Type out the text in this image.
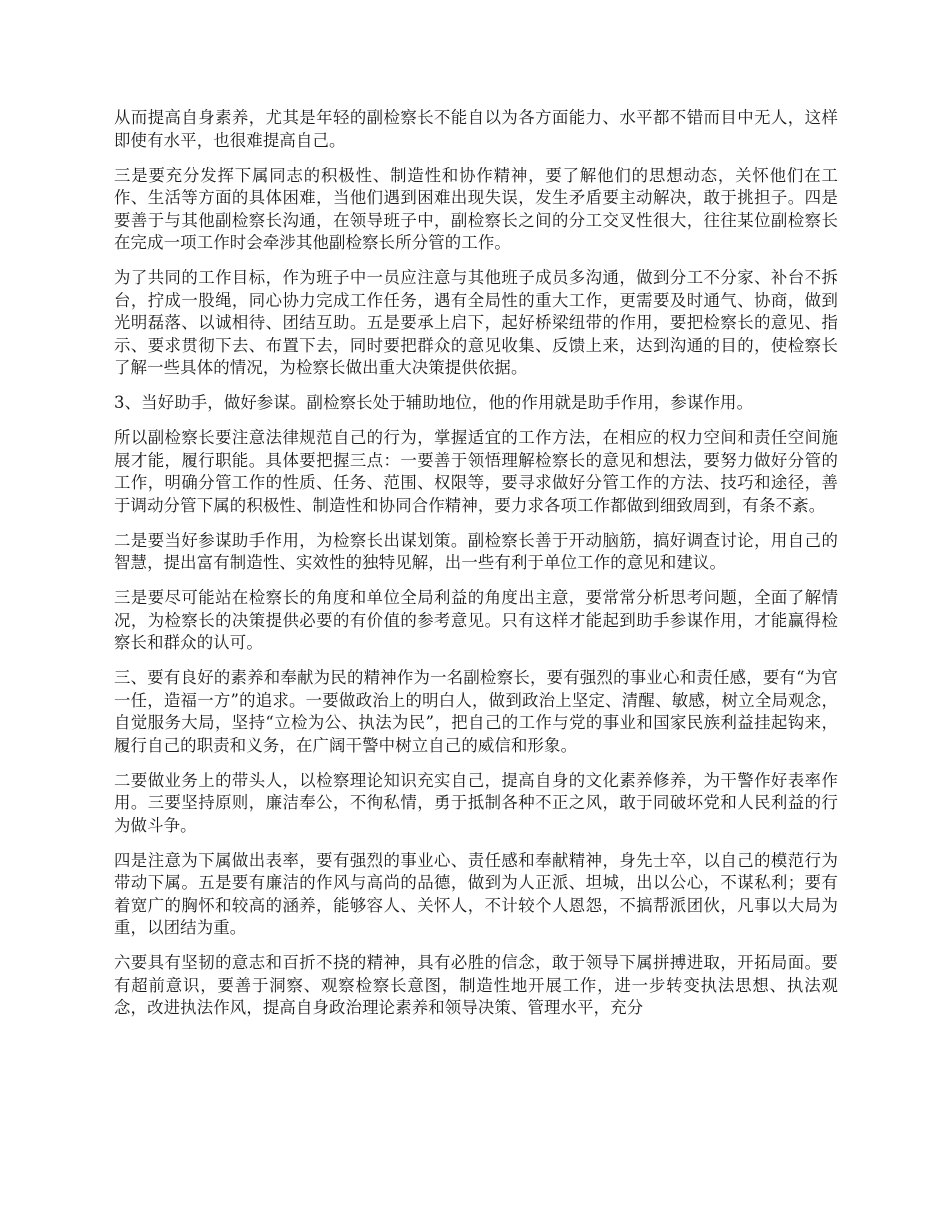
从而提高自身素养，尤其是年轻的副检察长不能自以为各方面能力、水平都不错而目中无人，这样即使有水平，也很难提高自己。

三是要充分发挥下属同志的积极性、制造性和协作精神，要了解他们的思想动态，关怀他们在工作、生活等方面的具体困难，当他们遇到困难出现失误，发生矛盾要主动解决，敢于挑担子。四是要善于与其他副检察长沟通，在领导班子中，副检察长之间的分工交叉性很大，往往某位副检察长在完成一项工作时会牵涉其他副检察长所分管的工作。

为了共同的工作目标，作为班子中一员应注意与其他班子成员多沟通，做到分工不分家、补台不拆台，拧成一股绳，同心协力完成工作任务，遇有全局性的重大工作，更需要及时通气、协商，做到光明磊落、以诚相待、团结互助。五是要承上启下，起好桥梁纽带的作用，要把检察长的意见、指示、要求贯彻下去、布置下去，同时要把群众的意见收集、反馈上来，达到沟通的目的，使检察长了解一些具体的情况，为检察长做出重大决策提供依据。

3、当好助手，做好参谋。副检察长处于辅助地位，他的作用就是助手作用，参谋作用。

所以副检察长要注意法律规范自己的行为，掌握适宜的工作方法，在相应的权力空间和责任空间施展才能，履行职能。具体要把握三点：一要善于领悟理解检察长的意见和想法，要努力做好分管的工作，明确分管工作的性质、任务、范围、权限等，要寻求做好分管工作的方法、技巧和途径，善于调动分管下属的积极性、制造性和协同合作精神，要力求各项工作都做到细致周到，有条不紊。

二是要当好参谋助手作用，为检察长出谋划策。副检察长善于开动脑筋，搞好调查讨论，用自己的智慧，提出富有制造性、实效性的独特见解，出一些有利于单位工作的意见和建议。

三是要尽可能站在检察长的角度和单位全局利益的角度出主意，要常常分析思考问题，全面了解情况，为检察长的决策提供必要的有价值的参考意见。只有这样才能起到助手参谋作用，才能赢得检察长和群众的认可。

三、要有良好的素养和奉献为民的精神作为一名副检察长，要有强烈的事业心和责任感，要有“为官一任，造福一方”的追求。一要做政治上的明白人，做到政治上坚定、清醒、敏感，树立全局观念，自觉服务大局，坚持“立检为公、执法为民”，把自己的工作与党的事业和国家民族利益挂起钩来，履行自己的职责和义务，在广阔干警中树立自己的威信和形象。

二要做业务上的带头人，以检察理论知识充实自己，提高自身的文化素养修养，为干警作好表率作用。三要坚持原则，廉洁奉公，不徇私情，勇于抵制各种不正之风，敢于同破坏党和人民利益的行为做斗争。

四是注意为下属做出表率，要有强烈的事业心、责任感和奉献精神，身先士卒，以自己的模范行为带动下属。五是要有廉洁的作风与高尚的品德，做到为人正派、坦城，出以公心，不谋私利；要有着宽广的胸怀和较高的涵养，能够容人、关怀人，不计较个人恩怨，不搞帮派团伙，凡事以大局为重，以团结为重。

六要具有坚韧的意志和百折不挠的精神，具有必胜的信念，敢于领导下属拼搏进取，开拓局面。要有超前意识，要善于洞察、观察检察长意图，制造性地开展工作，进一步转变执法思想、执法观念，改进执法作风，提高自身政治理论素养和领导决策、管理水平，充分
